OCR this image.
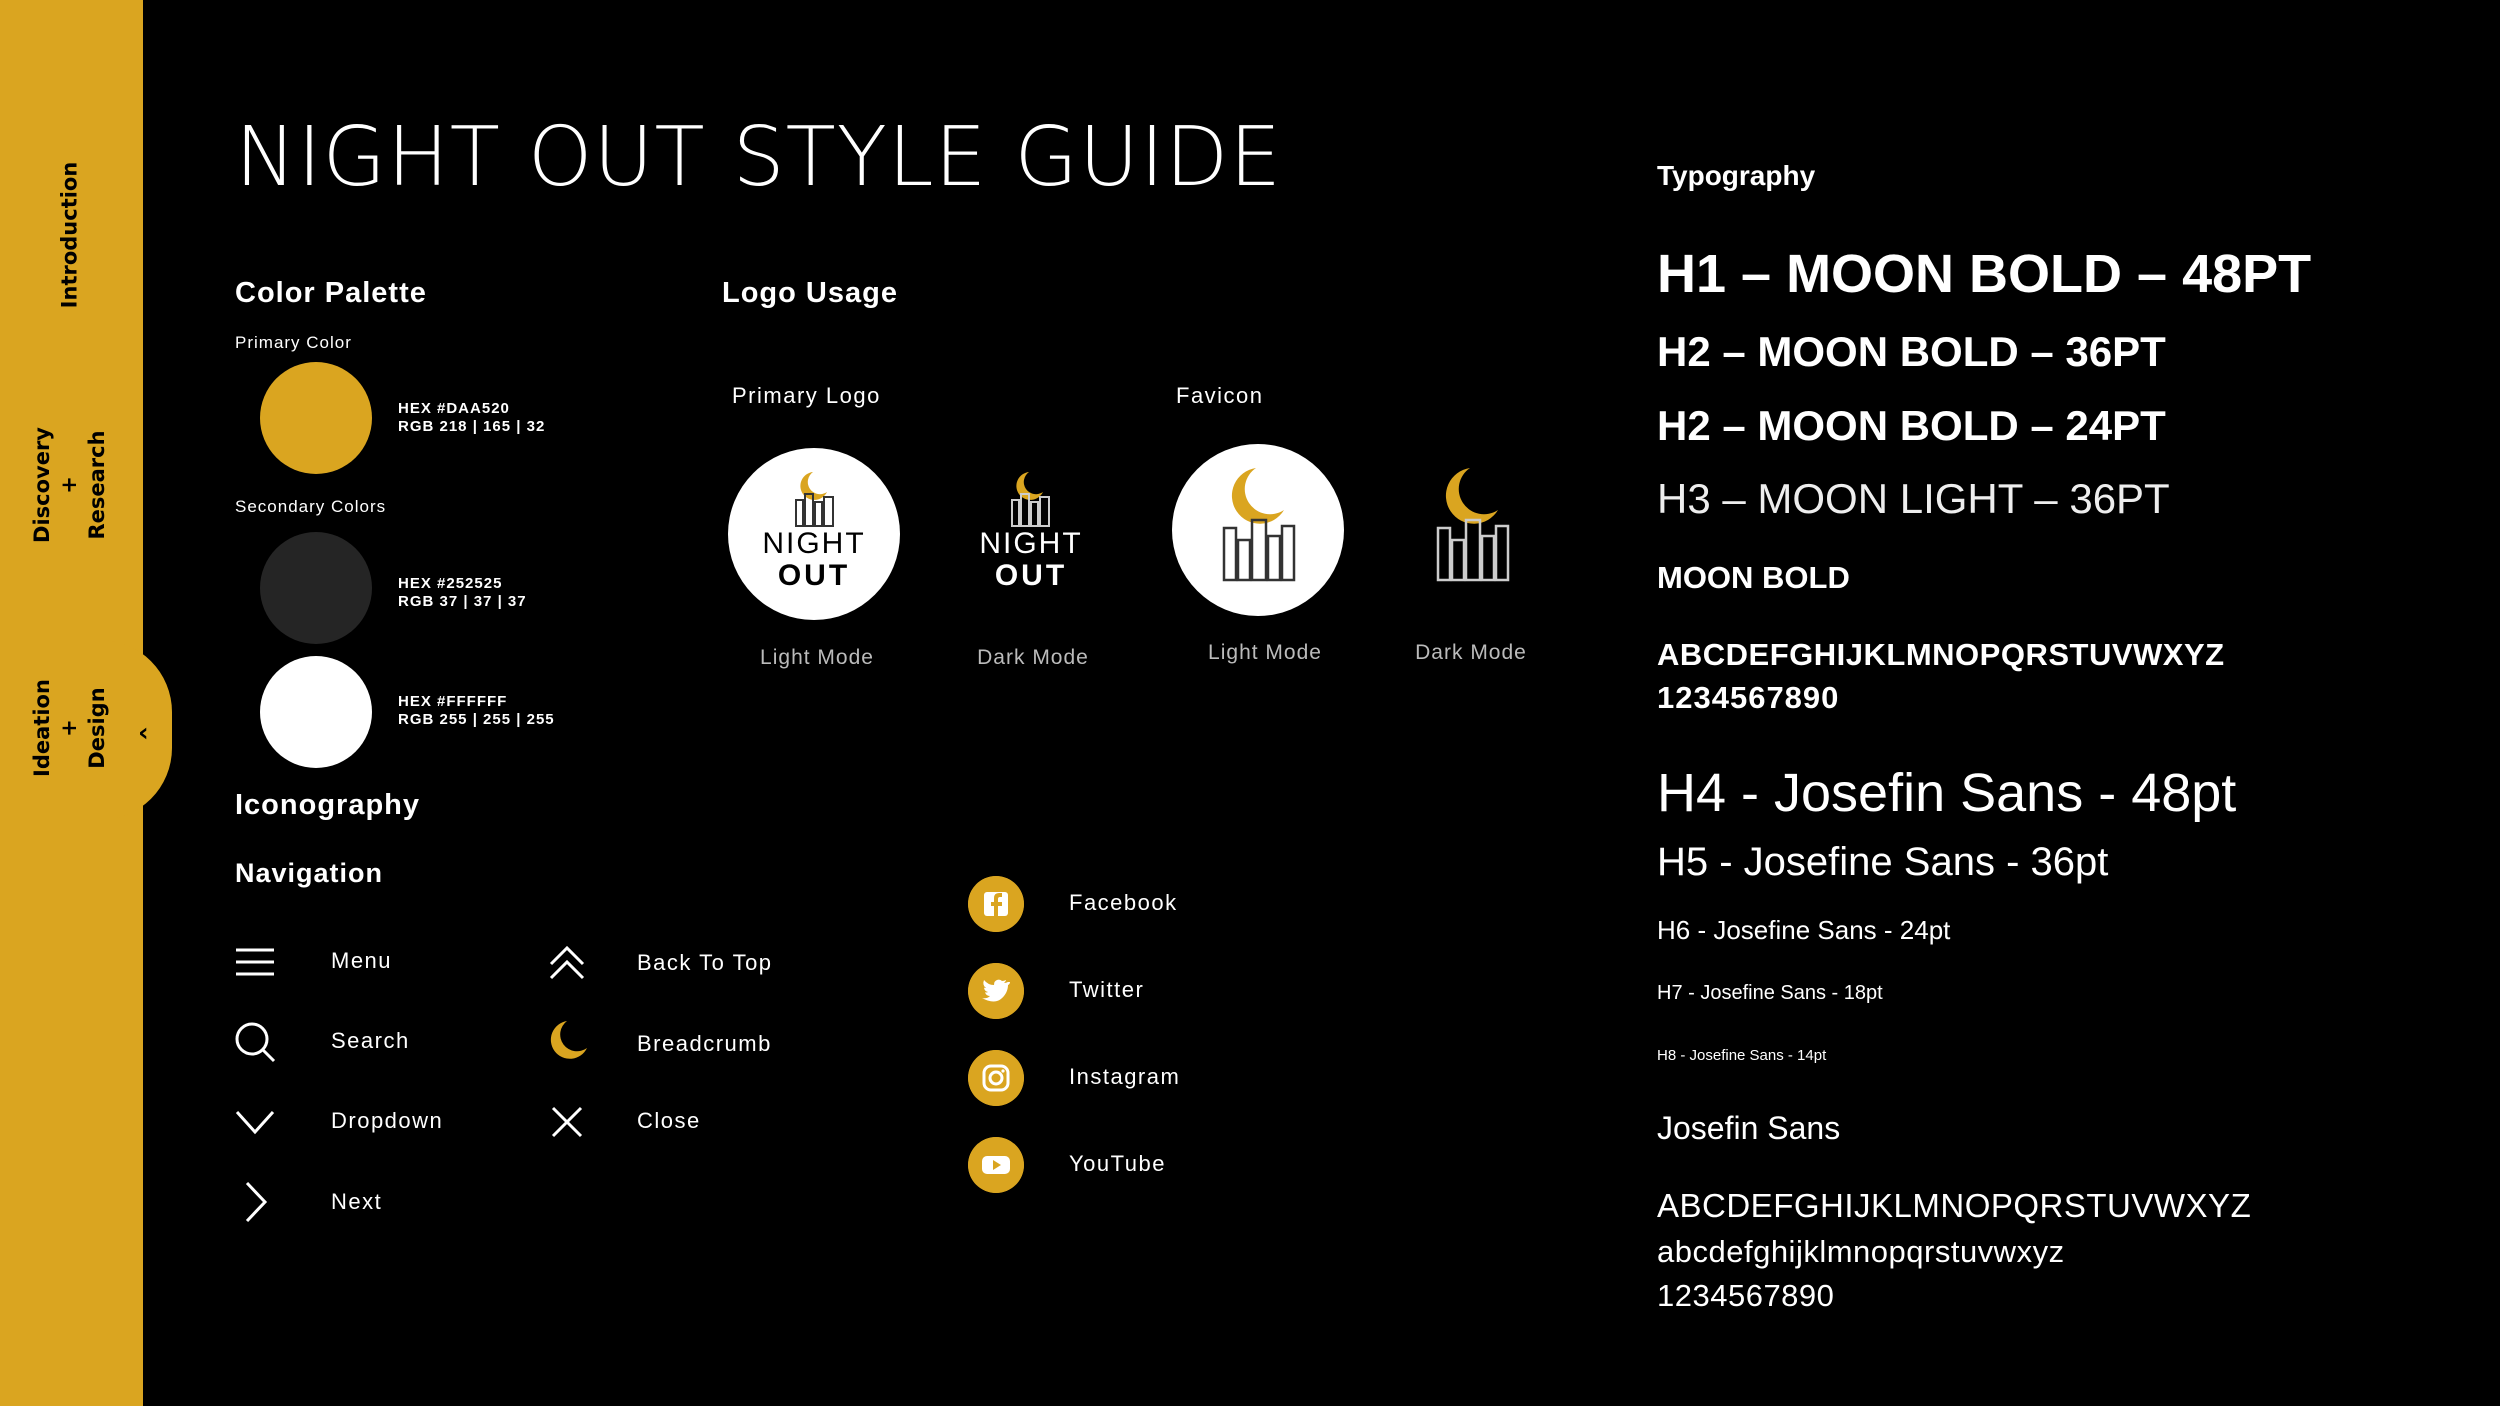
Introduction
Discovery
+
Research
Ideation
+
Design ‹
NIGHT OUT STYLE GUIDE
Color Palette
Primary Color
HEX #DAA520
RGB 218 | 165 | 32
Secondary Colors
HEX #252525
RGB 37 | 37 | 37
HEX #FFFFFF
RGB 255 | 255 | 255
Logo Usage
Primary Logo	Favicon
NIGHT
OUT
Light Mode
NIGHT
OUT
Dark Mode	Light Mode	Dark Mode
Iconography
Navigation
Menu
Search
Dropdown
Next
Back To Top
Breadcrumb
Close
Facebook
Twitter
Instagram
YouTube
Typography
H1 – MOON BOLD – 48PT
H2 – MOON BOLD – 36PT
H2 – MOON BOLD – 24PT
H3 – MOON LIGHT – 36PT
MOON BOLD
ABCDEFGHIJKLMNOPQRSTUVWXYZ
1234567890
H4 - Josefin Sans - 48pt
H5 - Josefine Sans - 36pt
H6 - Josefine Sans - 24pt
H7 - Josefine Sans - 18pt
H8 - Josefine Sans - 14pt
Josefin Sans
ABCDEFGHIJKLMNOPQRSTUVWXYZ
abcdefghijklmnopqrstuvwxyz
1234567890
